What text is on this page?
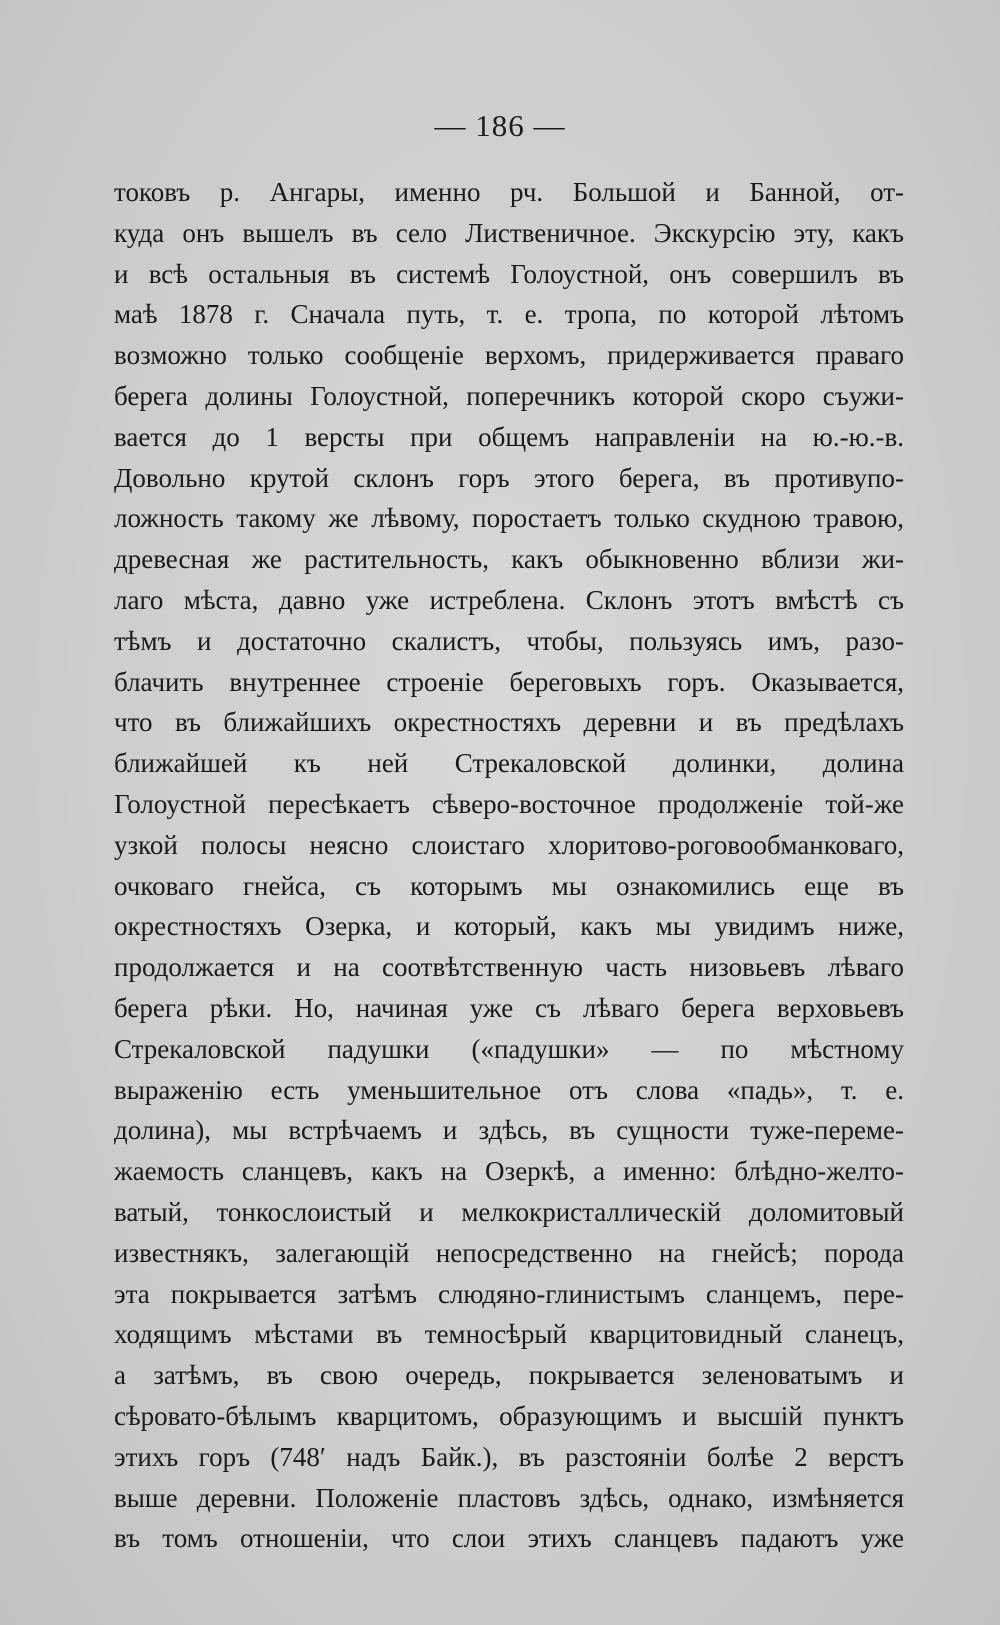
— 186 —
токовъ р. Ангары, именно рч. Большой и Банной, от-
куда онъ вышелъ въ село Лиственичное. Экскурсію эту, какъ
и всѣ остальныя въ системѣ Голоустной, онъ совершилъ въ
маѣ 1878 г. Сначала путь, т. е. тропа, по которой лѣтомъ
возможно только сообщеніе верхомъ, придерживается праваго
берега долины Голоустной, поперечникъ которой скоро съужи-
вается до 1 версты при общемъ направленіи на ю.-ю.-в.
Довольно крутой склонъ горъ этого берега, въ противупо-
ложность такому же лѣвому, поростаетъ только скудною травою,
древесная же растительность, какъ обыкновенно вблизи жи-
лаго мѣста, давно уже истреблена. Склонъ этотъ вмѣстѣ съ
тѣмъ и достаточно скалистъ, чтобы, пользуясь имъ, разо-
блачить внутреннее строеніе береговыхъ горъ. Оказывается,
что въ ближайшихъ окрестностяхъ деревни и въ предѣлахъ
ближайшей къ ней Стрекаловской долинки, долина
Голоустной пересѣкаетъ сѣверо-восточное продолженіе той-же
узкой полосы неясно слоистаго хлоритово-роговообманковаго,
очковаго гнейса, съ которымъ мы ознакомились еще въ
окрестностяхъ Озерка, и который, какъ мы увидимъ ниже,
продолжается и на соотвѣтственную часть низовьевъ лѣваго
берега рѣки. Но, начиная уже съ лѣваго берега верховьевъ
Стрекаловской падушки («падушки» — по мѣстному
выраженію есть уменьшительное отъ слова «падь», т. е.
долина), мы встрѣчаемъ и здѣсь, въ сущности туже-переме-
жаемость сланцевъ, какъ на Озеркѣ, а именно: блѣдно-желто-
ватый, тонкослоистый и мелкокристаллическій доломитовый
известнякъ, залегающій непосредственно на гнейсѣ; порода
эта покрывается затѣмъ слюдяно-глинистымъ сланцемъ, пере-
ходящимъ мѣстами въ темносѣрый кварцитовидный сланецъ,
а затѣмъ, въ свою очередь, покрывается зеленоватымъ и
сѣровато-бѣлымъ кварцитомъ, образующимъ и высшій пунктъ
этихъ горъ (748′ надъ Байк.), въ разстояніи болѣе 2 верстъ
выше деревни. Положеніе пластовъ здѣсь, однако, измѣняется
въ томъ отношеніи, что слои этихъ сланцевъ падаютъ уже
